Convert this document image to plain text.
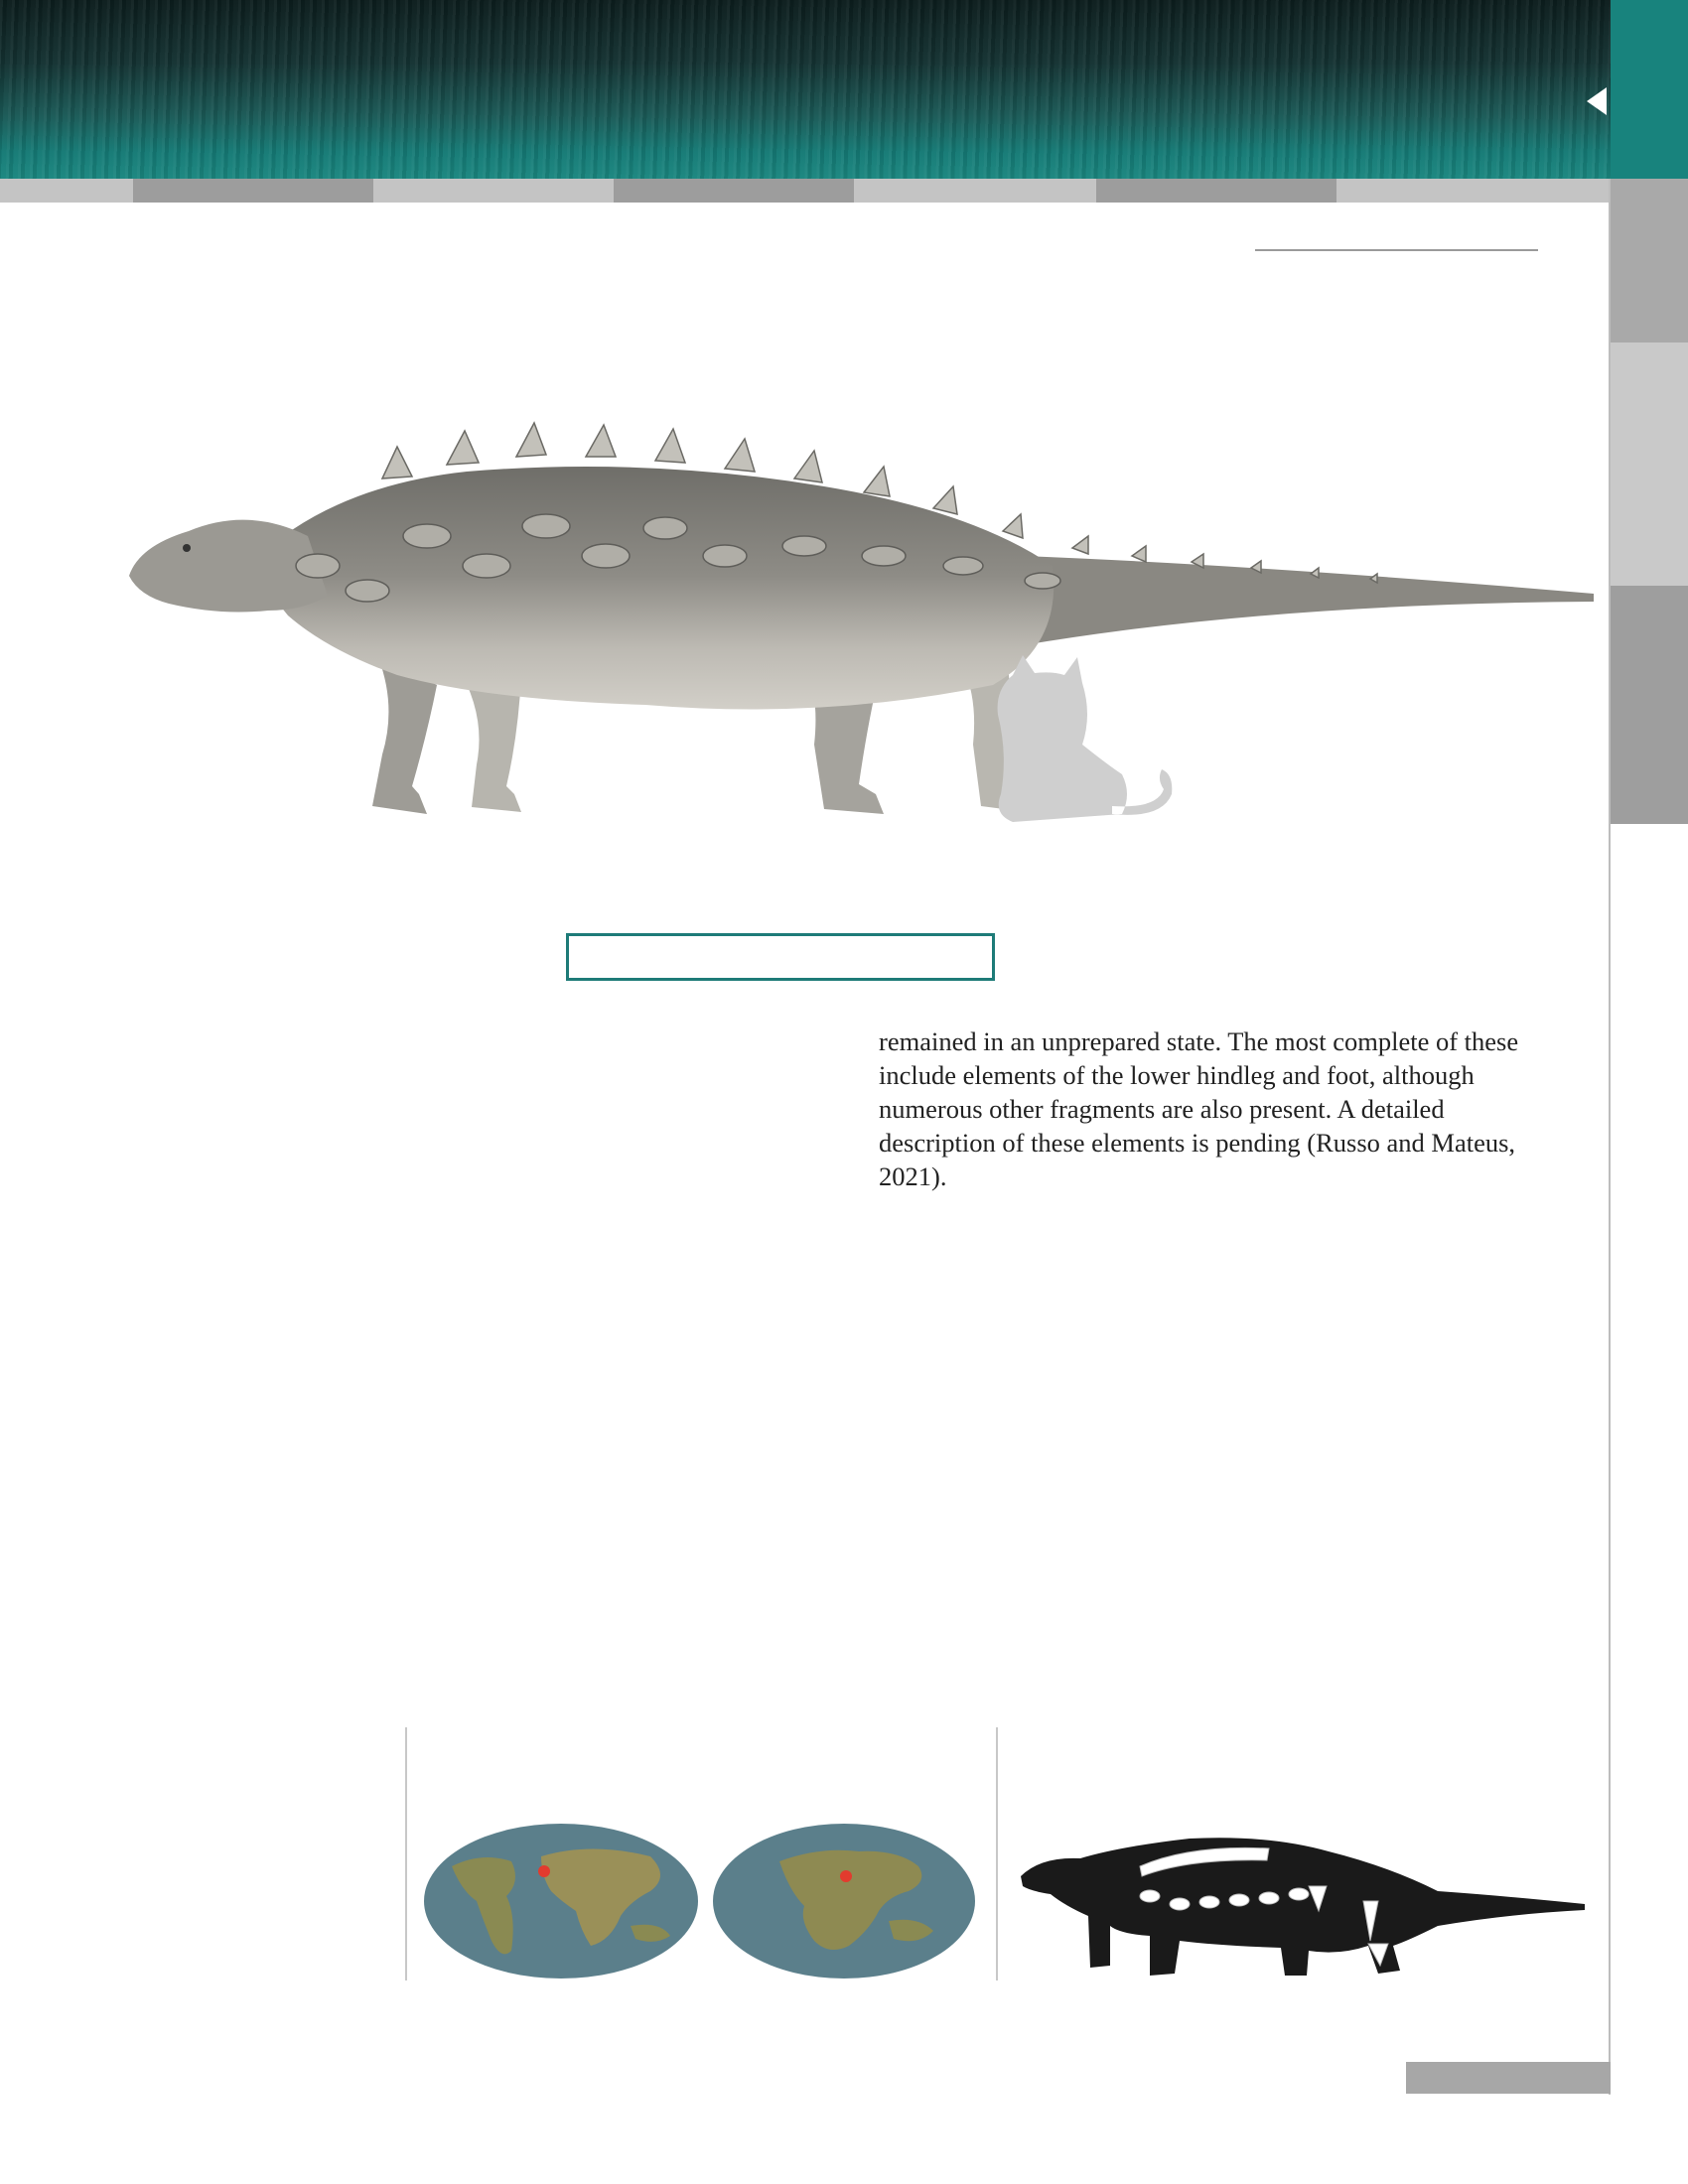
remained in an unprepared state. The most complete of these include elements of the lower hindleg and foot, although numerous other fragments are also present. A detailed description of these elements is pending (Russo and Mateus, 2021).
